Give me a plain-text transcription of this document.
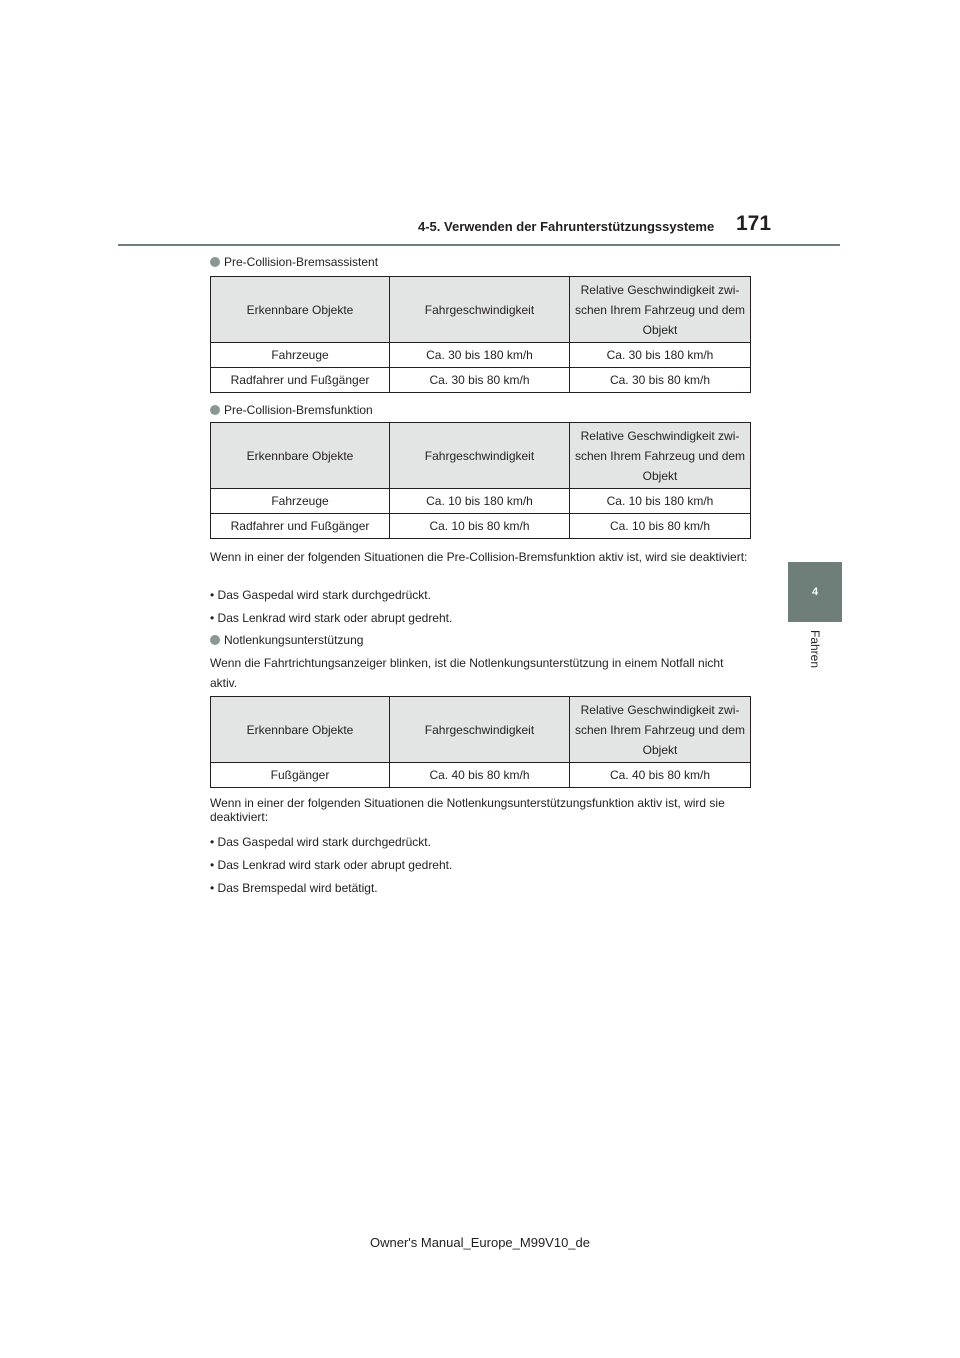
4-5. Verwenden der Fahrunterstützungssysteme 171
4
Fahren
Pre-Collision-Bremsassistent
Erkennbare Objekte	Fahrgeschwindigkeit	Relative Geschwindigkeit zwi-schen Ihrem Fahrzeug und dem Objekt
Fahrzeuge	Ca. 30 bis 180 km/h	Ca. 30 bis 180 km/h
Radfahrer und Fußgänger	Ca. 30 bis 80 km/h	Ca. 30 bis 80 km/h
Pre-Collision-Bremsfunktion
Erkennbare Objekte	Fahrgeschwindigkeit	Relative Geschwindigkeit zwi-schen Ihrem Fahrzeug und dem Objekt
Fahrzeuge	Ca. 10 bis 180 km/h	Ca. 10 bis 180 km/h
Radfahrer und Fußgänger	Ca. 10 bis 80 km/h	Ca. 10 bis 80 km/h
Wenn in einer der folgenden Situationen die Pre-Collision-Bremsfunktion aktiv ist, wird sie deaktiviert:
• Das Gaspedal wird stark durchgedrückt.
• Das Lenkrad wird stark oder abrupt gedreht.
Notlenkungsunterstützung
Wenn die Fahrtrichtungsanzeiger blinken, ist die Notlenkungsunterstützung in einem Notfall nicht aktiv.
Erkennbare Objekte	Fahrgeschwindigkeit	Relative Geschwindigkeit zwi-schen Ihrem Fahrzeug und dem Objekt
Fußgänger	Ca. 40 bis 80 km/h	Ca. 40 bis 80 km/h
Wenn in einer der folgenden Situationen die Notlenkungsunterstützungsfunktion aktiv ist, wird sie deaktiviert:
• Das Gaspedal wird stark durchgedrückt.
• Das Lenkrad wird stark oder abrupt gedreht.
• Das Bremspedal wird betätigt.
Owner's Manual_Europe_M99V10_de
